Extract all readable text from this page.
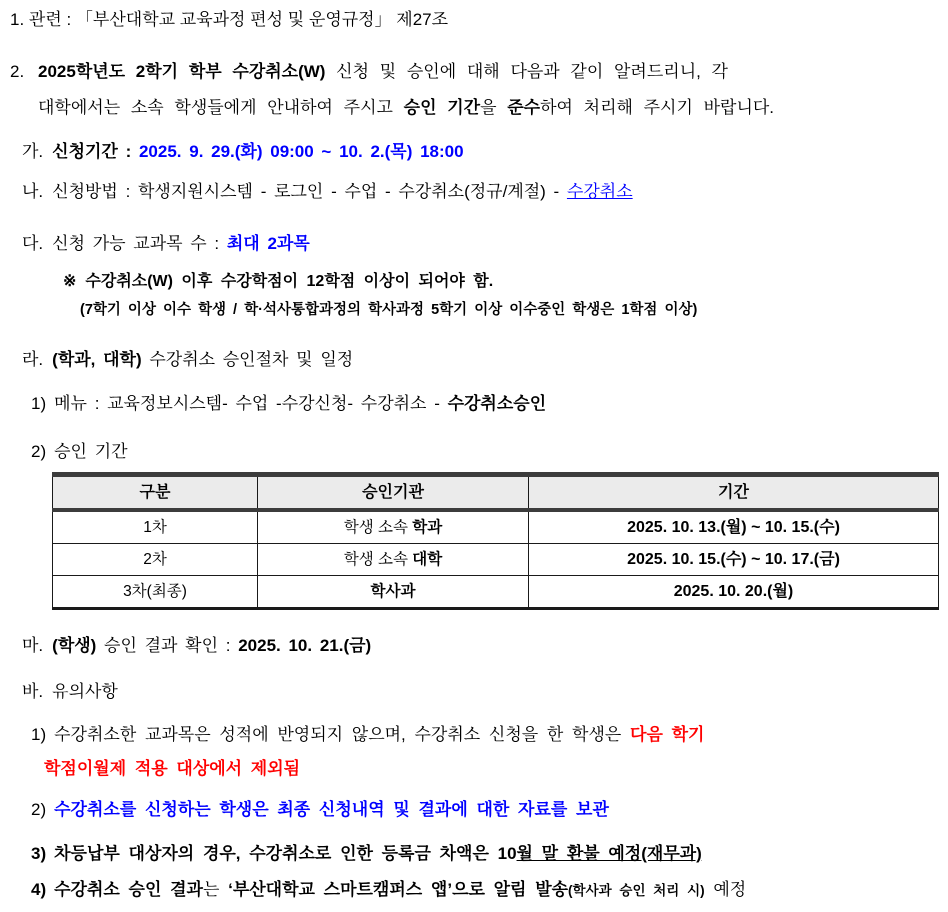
1. 관련 : 「부산대학교 교육과정 편성 및 운영규정」 제27조
2. 2025학년도 2학기 학부 수강취소(W) 신청 및 승인에 대해 다음과 같이 알려드리니, 각
대학에서는 소속 학생들에게 안내하여 주시고 승인 기간을 준수하여 처리해 주시기 바랍니다.
가. 신청기간 : 2025. 9. 29.(화) 09:00 ~ 10. 2.(목) 18:00
나. 신청방법 : 학생지원시스템 - 로그인 - 수업 - 수강취소(정규/계절) - 수강취소
다. 신청 가능 교과목 수 : 최대 2과목
※ 수강취소(W) 이후 수강학점이 12학점 이상이 되어야 함.
(7학기 이상 이수 학생 / 학·석사통합과정의 학사과정 5학기 이상 이수중인 학생은 1학점 이상)
라. (학과, 대학) 수강취소 승인절차 및 일정
1) 메뉴 : 교육정보시스템- 수업 -수강신청- 수강취소 - 수강취소승인
2) 승인 기간
구분	승인기관	기간
1차	학생 소속 학과	2025. 10. 13.(월) ~ 10. 15.(수)
2차	학생 소속 대학	2025. 10. 15.(수) ~ 10. 17.(금)
3차(최종)	학사과	2025. 10. 20.(월)
마. (학생) 승인 결과 확인 : 2025. 10. 21.(금)
바. 유의사항
1) 수강취소한 교과목은 성적에 반영되지 않으며, 수강취소 신청을 한 학생은 다음 학기
학점이월제 적용 대상에서 제외됨
2) 수강취소를 신청하는 학생은 최종 신청내역 및 결과에 대한 자료를 보관
3) 차등납부 대상자의 경우, 수강취소로 인한 등록금 차액은 10월 말 환불 예정(재무과)
4) 수강취소 승인 결과는 ‘부산대학교 스마트캠퍼스 앱’으로 알림 발송(학사과 승인 처리 시) 예정
